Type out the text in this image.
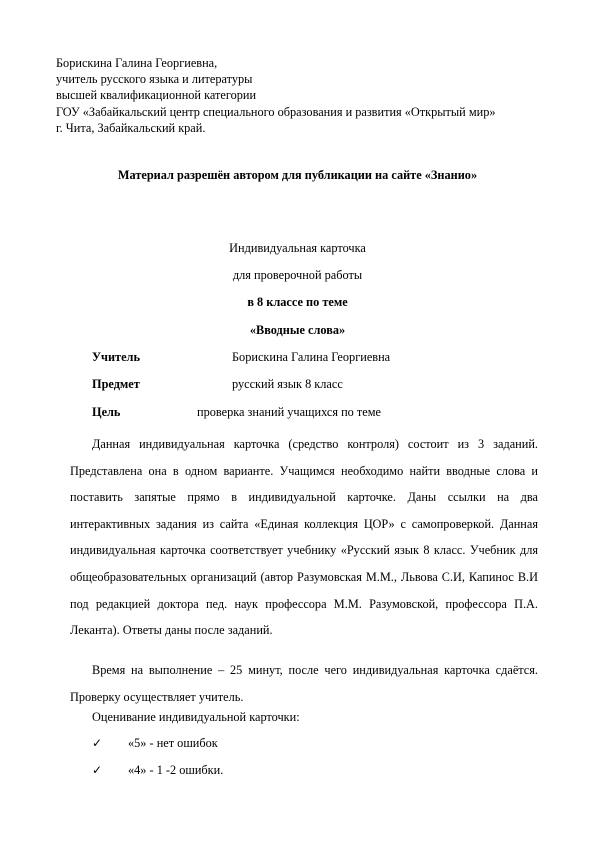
Борискина Галина Георгиевна,
учитель русского языка и литературы
высшей квалификационной категории
ГОУ «Забайкальский центр специального образования и развития «Открытый мир»
г. Чита, Забайкальский край.
Материал разрешён автором для публикации на сайте «Знанио»
Индивидуальная карточка
для проверочной работы
в 8 классе по теме
«Вводные слова»
Учитель	Борискина Галина Георгиевна
Предмет	русский язык 8 класс
Цель	проверка знаний учащихся по теме

Данная индивидуальная карточка (средство контроля) состоит из 3 заданий. Представлена она в одном варианте. Учащимся необходимо найти вводные слова и поставить запятые прямо в индивидуальной карточке. Даны ссылки на два интерактивных задания из сайта «Единая коллекция ЦОР» с самопроверкой. Данная индивидуальная карточка соответствует учебнику «Русский язык 8 класс. Учебник для общеобразовательных организаций (автор Разумовская М.М., Львова С.И, Капинос В.И под редакцией доктора пед. наук профессора М.М. Разумовской, профессора П.А. Леканта). Ответы даны после заданий.

Время на выполнение – 25 минут, после чего индивидуальная карточка сдаётся. Проверку осуществляет учитель.

Оценивание индивидуальной карточки:
✓ «5» - нет ошибок
✓ «4» - 1 -2 ошибки.
